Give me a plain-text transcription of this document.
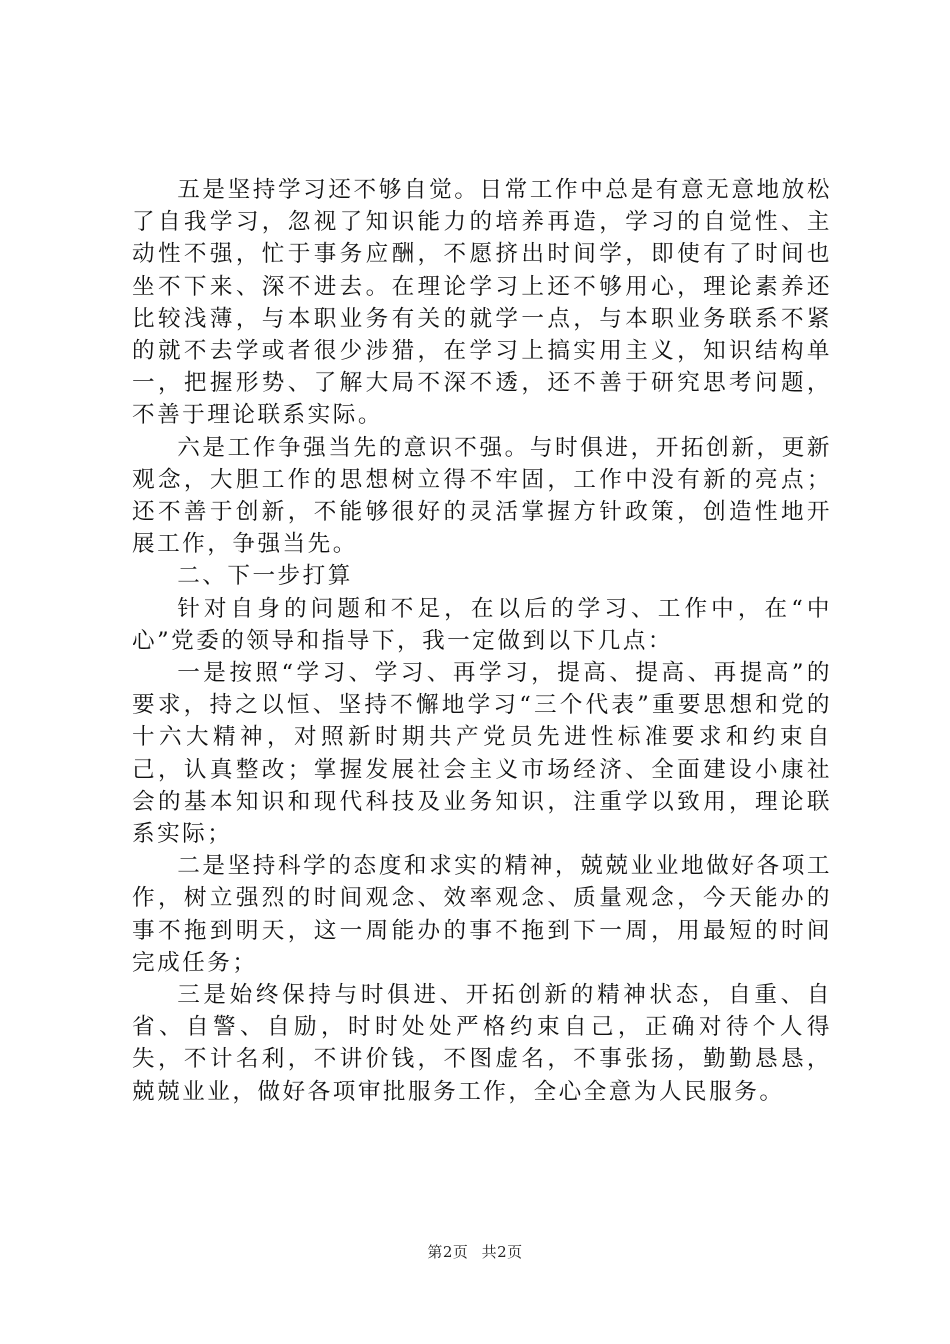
五是坚持学习还不够自觉。日常工作中总是有意无意地放松了自我学习，忽视了知识能力的培养再造，学习的自觉性、主动性不强，忙于事务应酬，不愿挤出时间学，即使有了时间也坐不下来、深不进去。在理论学习上还不够用心，理论素养还比较浅薄，与本职业务有关的就学一点，与本职业务联系不紧的就不去学或者很少涉猎，在学习上搞实用主义，知识结构单一，把握形势、了解大局不深不透，还不善于研究思考问题，不善于理论联系实际。

六是工作争强当先的意识不强。与时俱进，开拓创新，更新观念，大胆工作的思想树立得不牢固，工作中没有新的亮点；还不善于创新，不能够很好的灵活掌握方针政策，创造性地开展工作，争强当先。

二、下一步打算

针对自身的问题和不足，在以后的学习、工作中，在“中心”党委的领导和指导下，我一定做到以下几点：

一是按照“学习、学习、再学习，提高、提高、再提高”的要求，持之以恒、坚持不懈地学习“三个代表”重要思想和党的十六大精神，对照新时期共产党员先进性标准要求和约束自己，认真整改；掌握发展社会主义市场经济、全面建设小康社会的基本知识和现代科技及业务知识，注重学以致用，理论联系实际；

二是坚持科学的态度和求实的精神，兢兢业业地做好各项工作，树立强烈的时间观念、效率观念、质量观念，今天能办的事不拖到明天，这一周能办的事不拖到下一周，用最短的时间完成任务；

三是始终保持与时俱进、开拓创新的精神状态，自重、自省、自警、自励，时时处处严格约束自己，正确对待个人得失，不计名利，不讲价钱，不图虚名，不事张扬，勤勤恳恳，兢兢业业，做好各项审批服务工作，全心全意为人民服务。

第2页 共2页
